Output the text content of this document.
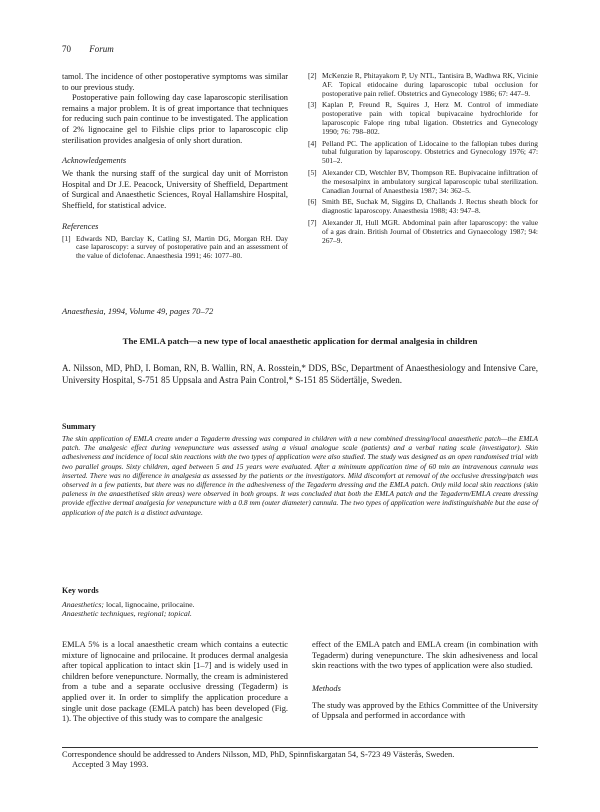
70 Forum

tamol. The incidence of other postoperative symptoms was similar to our previous study.

Postoperative pain following day case laparoscopic sterilisation remains a major problem. It is of great importance that techniques for reducing such pain continue to be investigated. The application of 2% lignocaine gel to Filshie clips prior to laparoscopic clip sterilisation provides analgesia of only short duration.

Acknowledgements

We thank the nursing staff of the surgical day unit of Morriston Hospital and Dr J.E. Peacock, University of Sheffield, Department of Surgical and Anaesthetic Sciences, Royal Hallamshire Hospital, Sheffield, for statistical advice.

References

[1] Edwards ND, Barclay K, Catling SJ, Martin DG, Morgan RH. Day case laparoscopy: a survey of postoperative pain and an assessment of the value of diclofenac. Anaesthesia 1991; 46: 1077–80.
[2] McKenzie R, Phitayakorn P, Uy NTL, Tantisira B, Wadhwa RK, Vicinie AF. Topical etidocaine during laparoscopic tubal occlusion for postoperative pain relief. Obstetrics and Gynecology 1986; 67: 447–9.
[3] Kaplan P, Freund R, Squires J, Herz M. Control of immediate postoperative pain with topical bupivacaine hydrochloride for laparoscopic Falope ring tubal ligation. Obstetrics and Gynecology 1990; 76: 798–802.
[4] Pelland PC. The application of Lidocaine to the fallopian tubes during tubal fulguration by laparoscopy. Obstetrics and Gynecology 1976; 47: 501–2.
[5] Alexander CD, Wetchler BV, Thompson RE. Bupivacaine infiltration of the mesosalpinx in ambulatory surgical laparoscopic tubal sterilization. Canadian Journal of Anaesthesia 1987; 34: 362–5.
[6] Smith BE, Suchak M, Siggins D, Challands J. Rectus sheath block for diagnostic laparoscopy. Anaesthesia 1988; 43: 947–8.
[7] Alexander JI, Hull MGR. Abdominal pain after laparoscopy: the value of a gas drain. British Journal of Obstetrics and Gynaecology 1987; 94: 267–9.
Anaesthesia, 1994, Volume 49, pages 70–72
The EMLA patch—a new type of local anaesthetic application for dermal analgesia in children
A. Nilsson, MD, PhD, I. Boman, RN, B. Wallin, RN, A. Rosstein,* DDS, BSc, Department of Anaesthesiology and Intensive Care, University Hospital, S-751 85 Uppsala and Astra Pain Control,* S-151 85 Södertälje, Sweden.

Summary

The skin application of EMLA cream under a Tegaderm dressing was compared in children with a new combined dressing/local anaesthetic patch—the EMLA patch. The analgesic effect during venepuncture was assessed using a visual analogue scale (patients) and a verbal rating scale (investigator). Skin adhesiveness and incidence of local skin reactions with the two types of application were also studied. The study was designed as an open randomised trial with two parallel groups. Sixty children, aged between 5 and 15 years were evaluated. After a minimum application time of 60 min an intravenous cannula was inserted. There was no difference in analgesia as assessed by the patients or the investigators. Mild discomfort at removal of the occlusive dressing/patch was observed in a few patients, but there was no difference in the adhesiveness of the Tegaderm dressing and the EMLA patch. Only mild local skin reactions (skin paleness in the anaesthetised skin areas) were observed in both groups. It was concluded that both the EMLA patch and the Tegaderm/EMLA cream dressing provide effective dermal analgesia for venepuncture with a 0.8 mm (outer diameter) cannula. The two types of application were indistinguishable but the ease of application of the patch is a distinct advantage.

Key words

Anaesthetics; local, lignocaine, prilocaine.

Anaesthetic techniques, regional; topical.

EMLA 5% is a local anaesthetic cream which contains a eutectic mixture of lignocaine and prilocaine. It produces dermal analgesia after topical application to intact skin [1–7] and is widely used in children before venepuncture. Normally, the cream is administered from a tube and a separate occlusive dressing (Tegaderm) is applied over it. In order to simplify the application procedure a single unit dose package (EMLA patch) has been developed (Fig. 1). The objective of this study was to compare the analgesic

effect of the EMLA patch and EMLA cream (in combination with Tegaderm) during venepuncture. The skin adhesiveness and local skin reactions with the two types of application were also studied.

Methods

The study was approved by the Ethics Committee of the University of Uppsala and performed in accordance with

Correspondence should be addressed to Anders Nilsson, MD, PhD, Spinnfiskargatan 54, S-723 49 Västerås, Sweden.
Accepted 3 May 1993.
